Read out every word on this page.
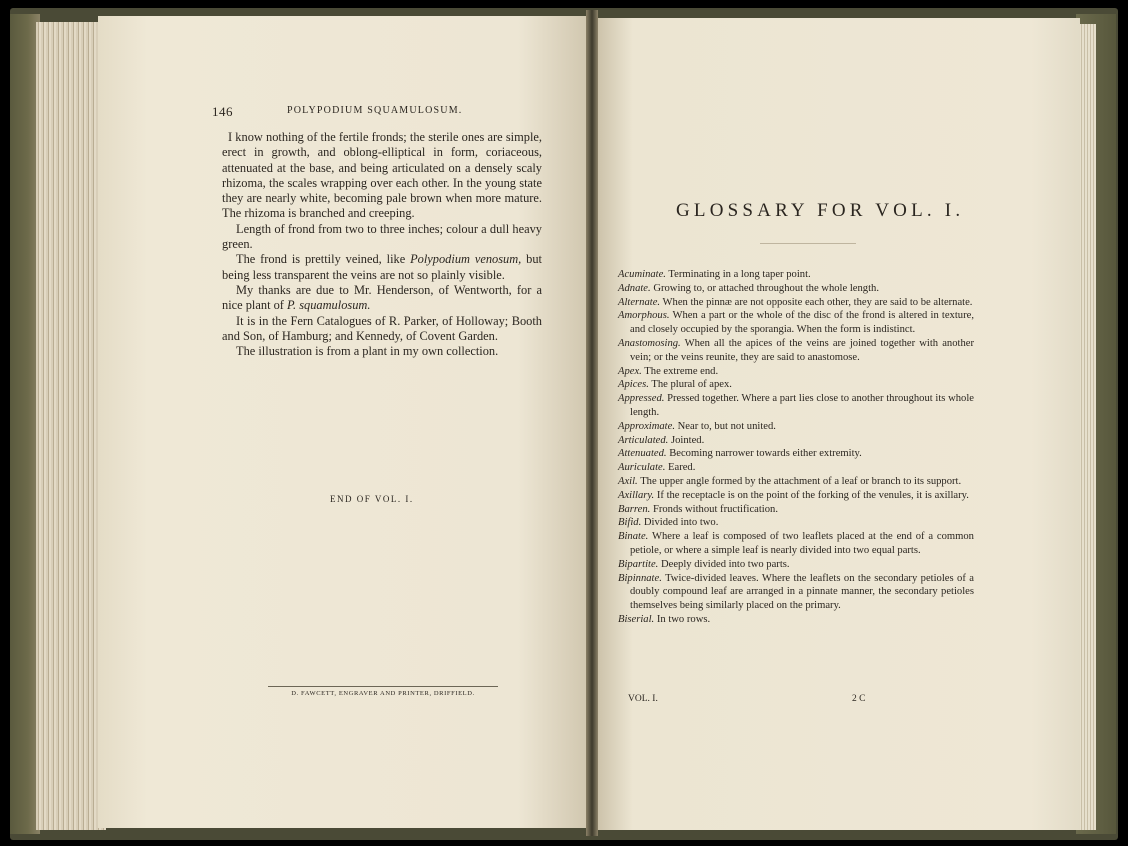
146	POLYPODIUM SQUAMULOSUM.

I know nothing of the fertile fronds; the sterile ones are simple, erect in growth, and oblong-elliptical in form, coriaceous, attenuated at the base, and being articulated on a densely scaly rhizoma, the scales wrapping over each other. In the young state they are nearly white, becoming pale brown when more mature. The rhizoma is branched and creeping.

Length of frond from two to three inches; colour a dull heavy green.

The frond is prettily veined, like Polypodium venosum, but being less transparent the veins are not so plainly visible.

My thanks are due to Mr. Henderson, of Wentworth, for a nice plant of P. squamulosum.

It is in the Fern Catalogues of R. Parker, of Holloway; Booth and Son, of Hamburg; and Kennedy, of Covent Garden.

The illustration is from a plant in my own collection.

END OF VOL. I.
D. FAWCETT, ENGRAVER AND PRINTER, DRIFFIELD.
GLOSSARY FOR VOL. I.

Acuminate. Terminating in a long taper point.

Adnate. Growing to, or attached throughout the whole length.

Alternate. When the pinnæ are not opposite each other, they are said to be alternate.

Amorphous. When a part or the whole of the disc of the frond is altered in texture, and closely occupied by the sporangia. When the form is indistinct.

Anastomosing. When all the apices of the veins are joined together with another vein; or the veins reunite, they are said to anastomose.

Apex. The extreme end.

Apices. The plural of apex.

Appressed. Pressed together. Where a part lies close to another throughout its whole length.

Approximate. Near to, but not united.

Articulated. Jointed.

Attenuated. Becoming narrower towards either extremity.

Auriculate. Eared.

Axil. The upper angle formed by the attachment of a leaf or branch to its support.

Axillary. If the receptacle is on the point of the forking of the venules, it is axillary.

Barren. Fronds without fructification.

Bifid. Divided into two.

Binate. Where a leaf is composed of two leaflets placed at the end of a common petiole, or where a simple leaf is nearly divided into two equal parts.

Bipartite. Deeply divided into two parts.

Bipinnate. Twice-divided leaves. Where the leaflets on the secondary petioles of a doubly compound leaf are arranged in a pinnate manner, the secondary petioles themselves being similarly placed on the primary.

Biserial. In two rows.

VOL. I.	2 C
